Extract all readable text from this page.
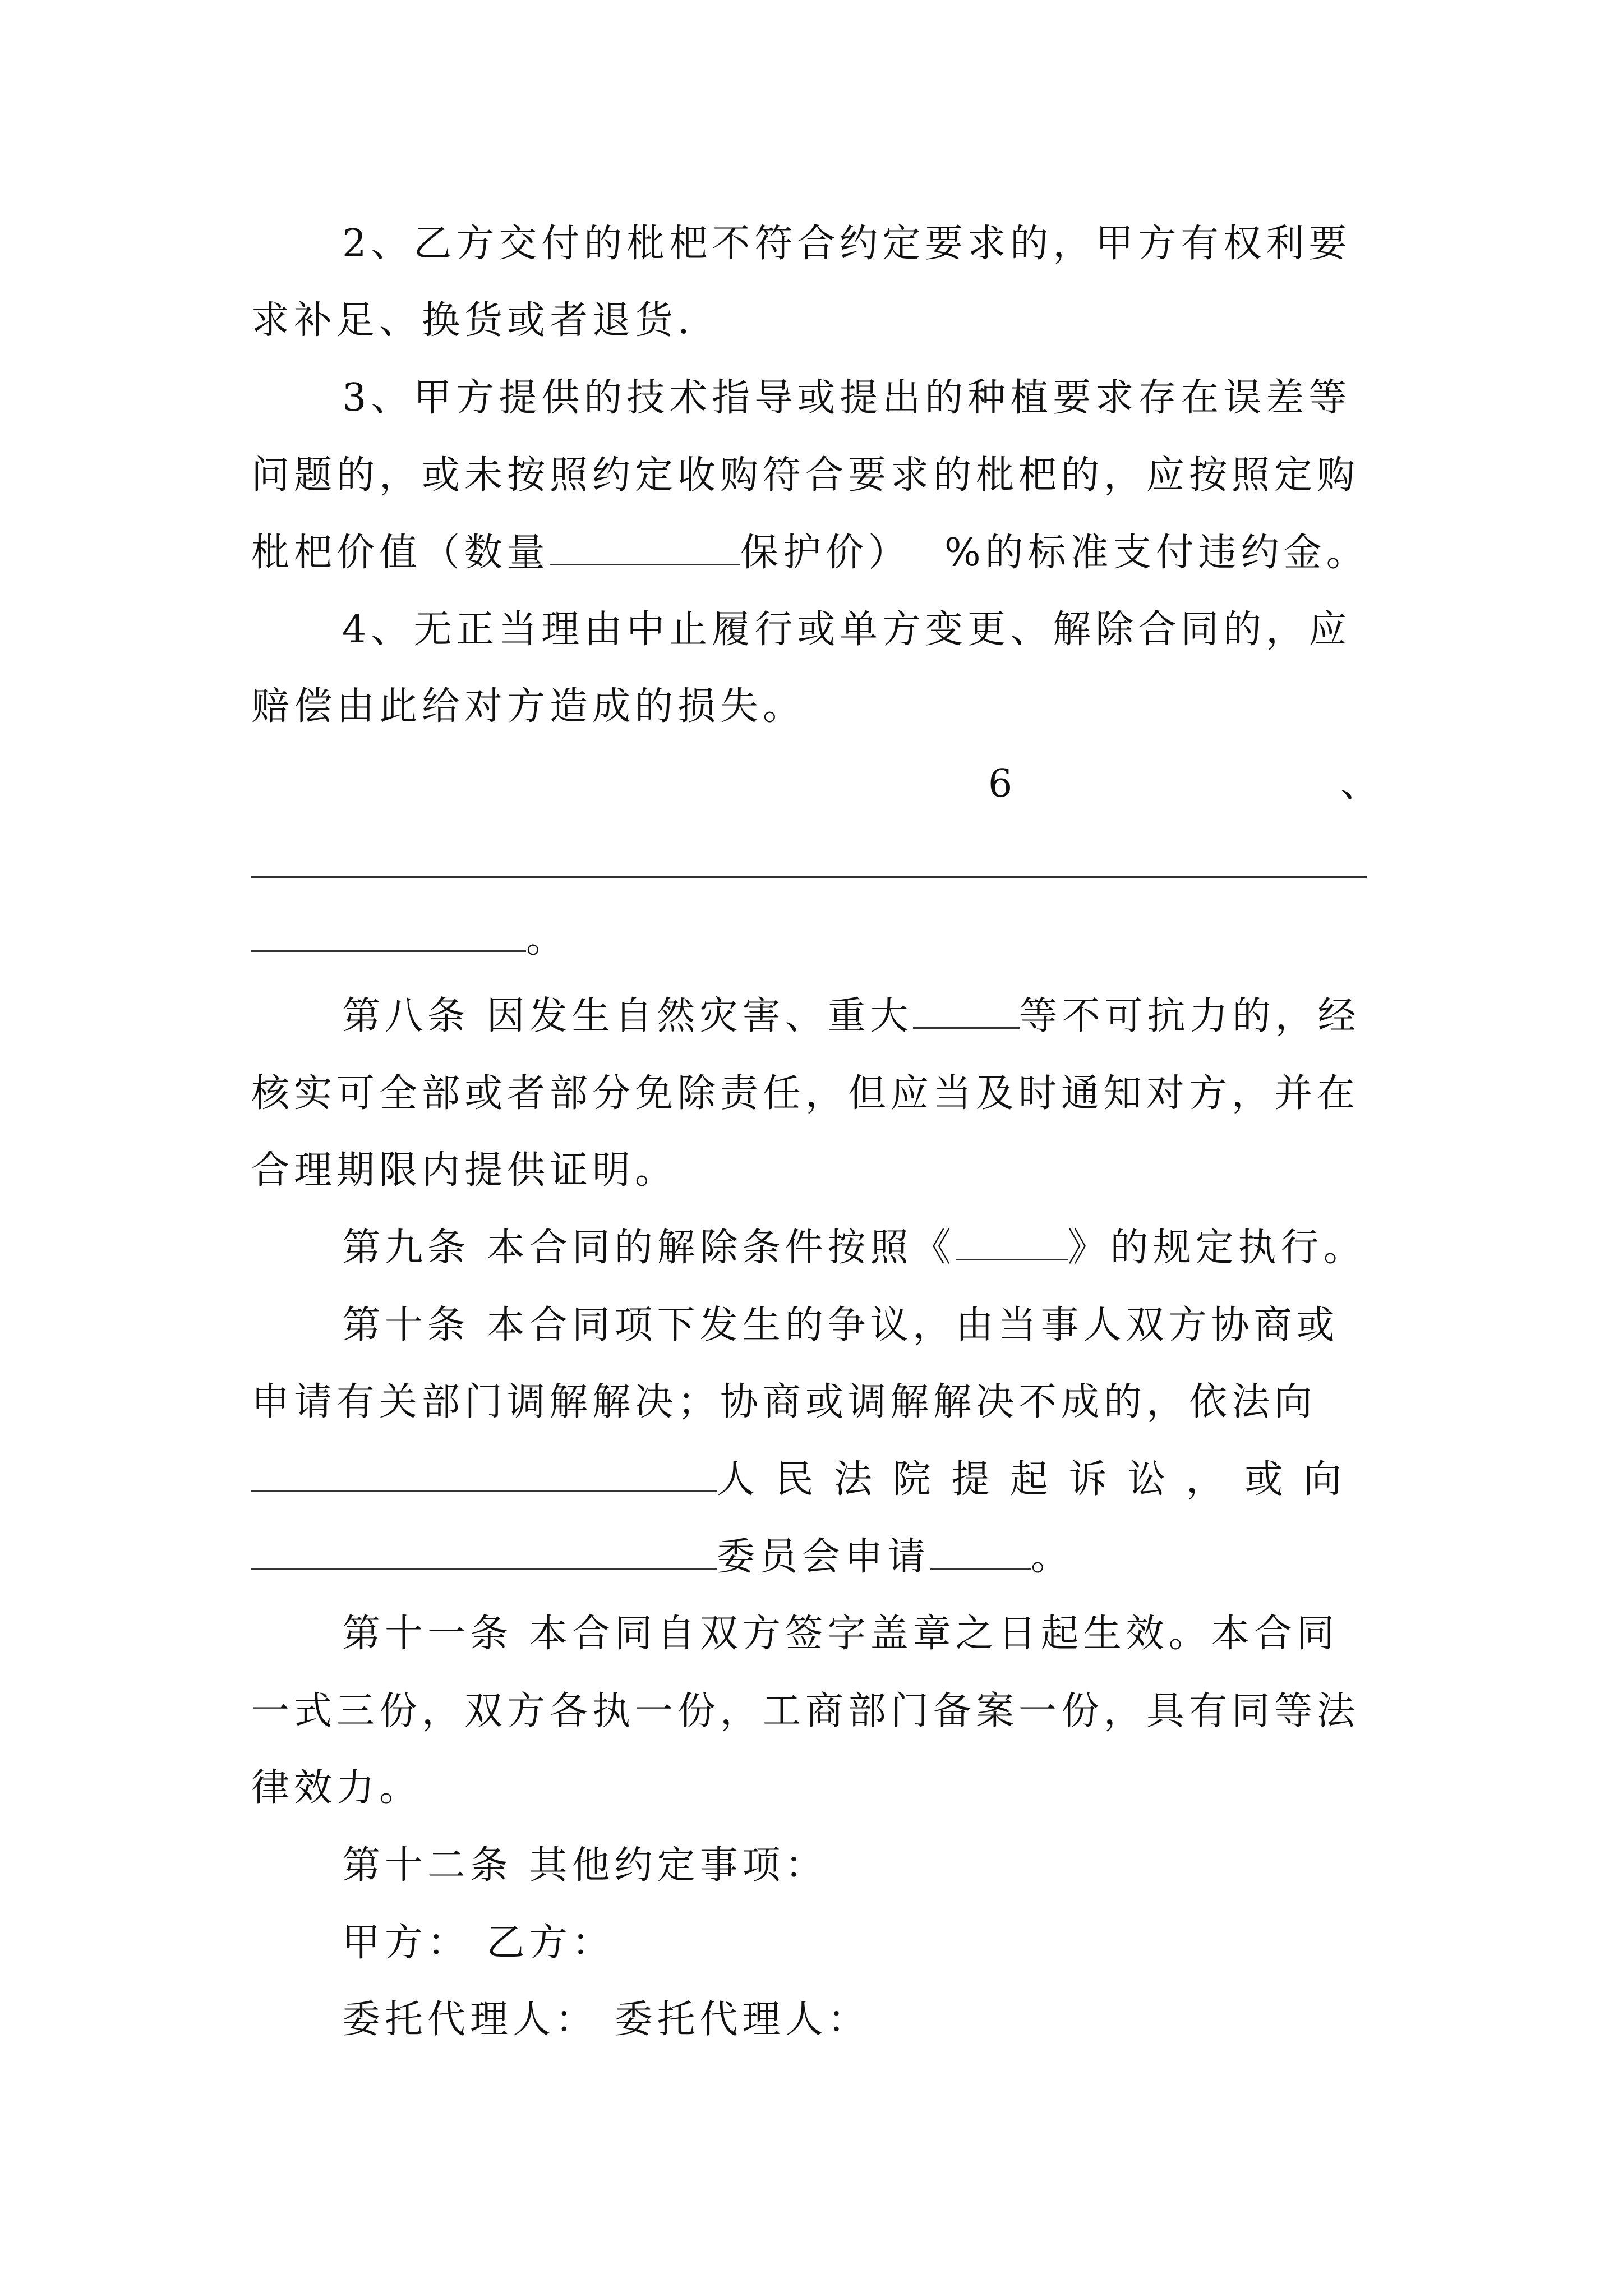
2、乙方交付的枇杷不符合约定要求的，甲方有权利要
求补足、换货或者退货.
3、甲方提供的技术指导或提出的种植要求存在误差等
问题的，或未按照约定收购符合要求的枇杷的，应按照定购
枇杷价值（数量	保护价） %的标准支付违约金。
4、无正当理由中止履行或单方变更、解除合同的，应
赔偿由此给对方造成的损失。
6	、
。
第八条 因发生自然灾害、重大	等不可抗力的，经
核实可全部或者部分免除责任，但应当及时通知对方，并在
合理期限内提供证明。
第九条 本合同的解除条件按照《	》的规定执行。
第十条 本合同项下发生的争议，由当事人双方协商或
申请有关部门调解解决；协商或调解解决不成的，依法向
人民法院提起诉讼，或向
委员会申请	。
第十一条 本合同自双方签字盖章之日起生效。本合同
一式三份，双方各执一份，工商部门备案一份，具有同等法
律效力。
第十二条 其他约定事项：
甲方： 乙方：
委托代理人： 委托代理人：
